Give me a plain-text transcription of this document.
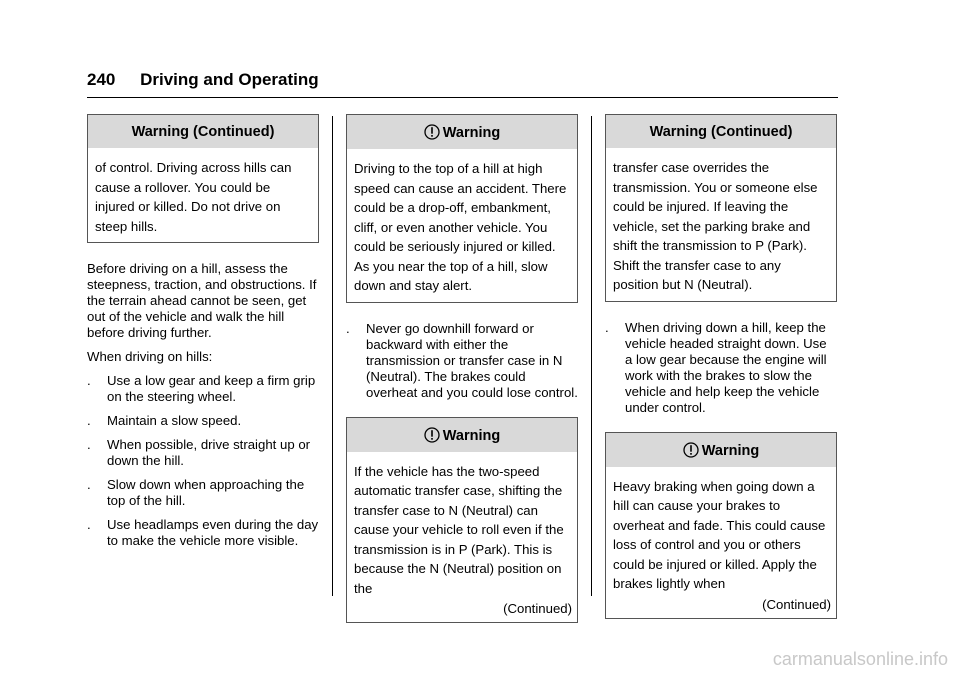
240 Driving and Operating
Warning (Continued)
of control. Driving across hills can cause a rollover. You could be injured or killed. Do not drive on steep hills.

Before driving on a hill, assess the steepness, traction, and obstructions. If the terrain ahead cannot be seen, get out of the vehicle and walk the hill before driving further.

When driving on hills:

. Use a low gear and keep a firm grip on the steering wheel.
. Maintain a slow speed.
. When possible, drive straight up or down the hill.
. Slow down when approaching the top of the hill.
. Use headlamps even during the day to make the vehicle more visible.
Warning
Driving to the top of a hill at high speed can cause an accident. There could be a drop-off, embankment, cliff, or even another vehicle. You could be seriously injured or killed. As you near the top of a hill, slow down and stay alert.
. Never go downhill forward or backward with either the transmission or transfer case in N (Neutral). The brakes could overheat and you could lose control.
Warning
If the vehicle has the two-speed automatic transfer case, shifting the transfer case to N (Neutral) can cause your vehicle to roll even if the transmission is in P (Park). This is because the N (Neutral) position on the
(Continued)
Warning (Continued)
transfer case overrides the transmission. You or someone else could be injured. If leaving the vehicle, set the parking brake and shift the transmission to P (Park). Shift the transfer case to any position but N (Neutral).
. When driving down a hill, keep the vehicle headed straight down. Use a low gear because the engine will work with the brakes to slow the vehicle and help keep the vehicle under control.
Warning
Heavy braking when going down a hill can cause your brakes to overheat and fade. This could cause loss of control and you or others could be injured or killed. Apply the brakes lightly when
(Continued)
carmanualsonline.info
